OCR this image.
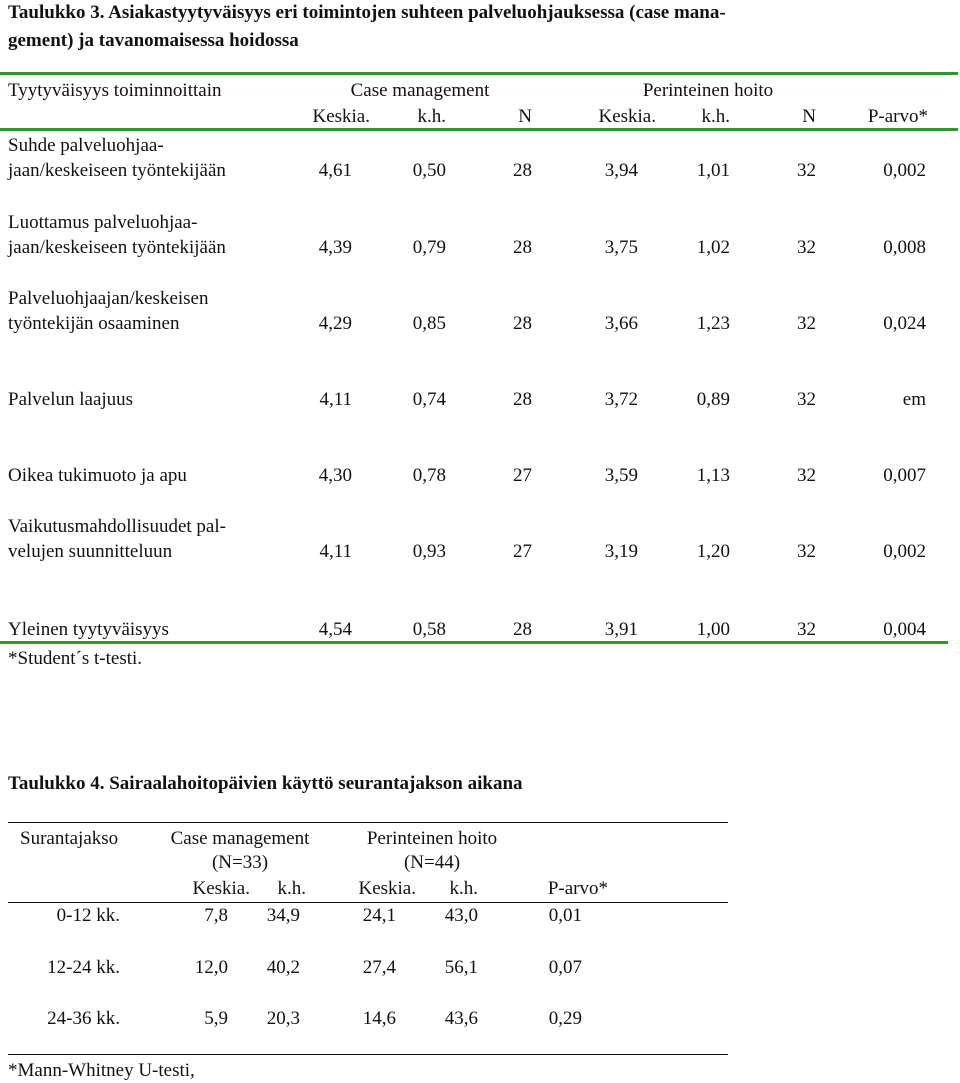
Taulukko 3. Asiakastyytyväisyys eri toimintojen suhteen palveluohjauksessa (case mana-
gement) ja tavanomaisessa hoidossa
Tyytyväisyys toiminnoittain	Case management	Perinteinen hoito
Keskia.	k.h.	N	Keskia.	k.h.	N	P-arvo*
Suhde palveluohjaa-
jaan/keskeiseen työntekijään	4,61	0,50	28	3,94	1,01	32	0,002
Luottamus palveluohjaa-
jaan/keskeiseen työntekijään	4,39	0,79	28	3,75	1,02	32	0,008
Palveluohjaajan/keskeisen
työntekijän osaaminen	4,29	0,85	28	3,66	1,23	32	0,024
Palvelun laajuus	4,11	0,74	28	3,72	0,89	32	em
Oikea tukimuoto ja apu	4,30	0,78	27	3,59	1,13	32	0,007
Vaikutusmahdollisuudet pal-
velujen suunnitteluun	4,11	0,93	27	3,19	1,20	32	0,002
Yleinen tyytyväisyys	4,54	0,58	28	3,91	1,00	32	0,004
*Student´s t-testi.
Taulukko 4. Sairaalahoitopäivien käyttö seurantajakson aikana
Surantajakso	Case management
(N=33)
Perinteinen hoito
(N=44)
Keskia.	k.h.	Keskia.	k.h.	P-arvo*
0-12 kk.	7,8	34,9	24,1	43,0	0,01
12-24 kk.	12,0	40,2	27,4	56,1	0,07
24-36 kk.	5,9	20,3	14,6	43,6	0,29
*Mann-Whitney U-testi,
